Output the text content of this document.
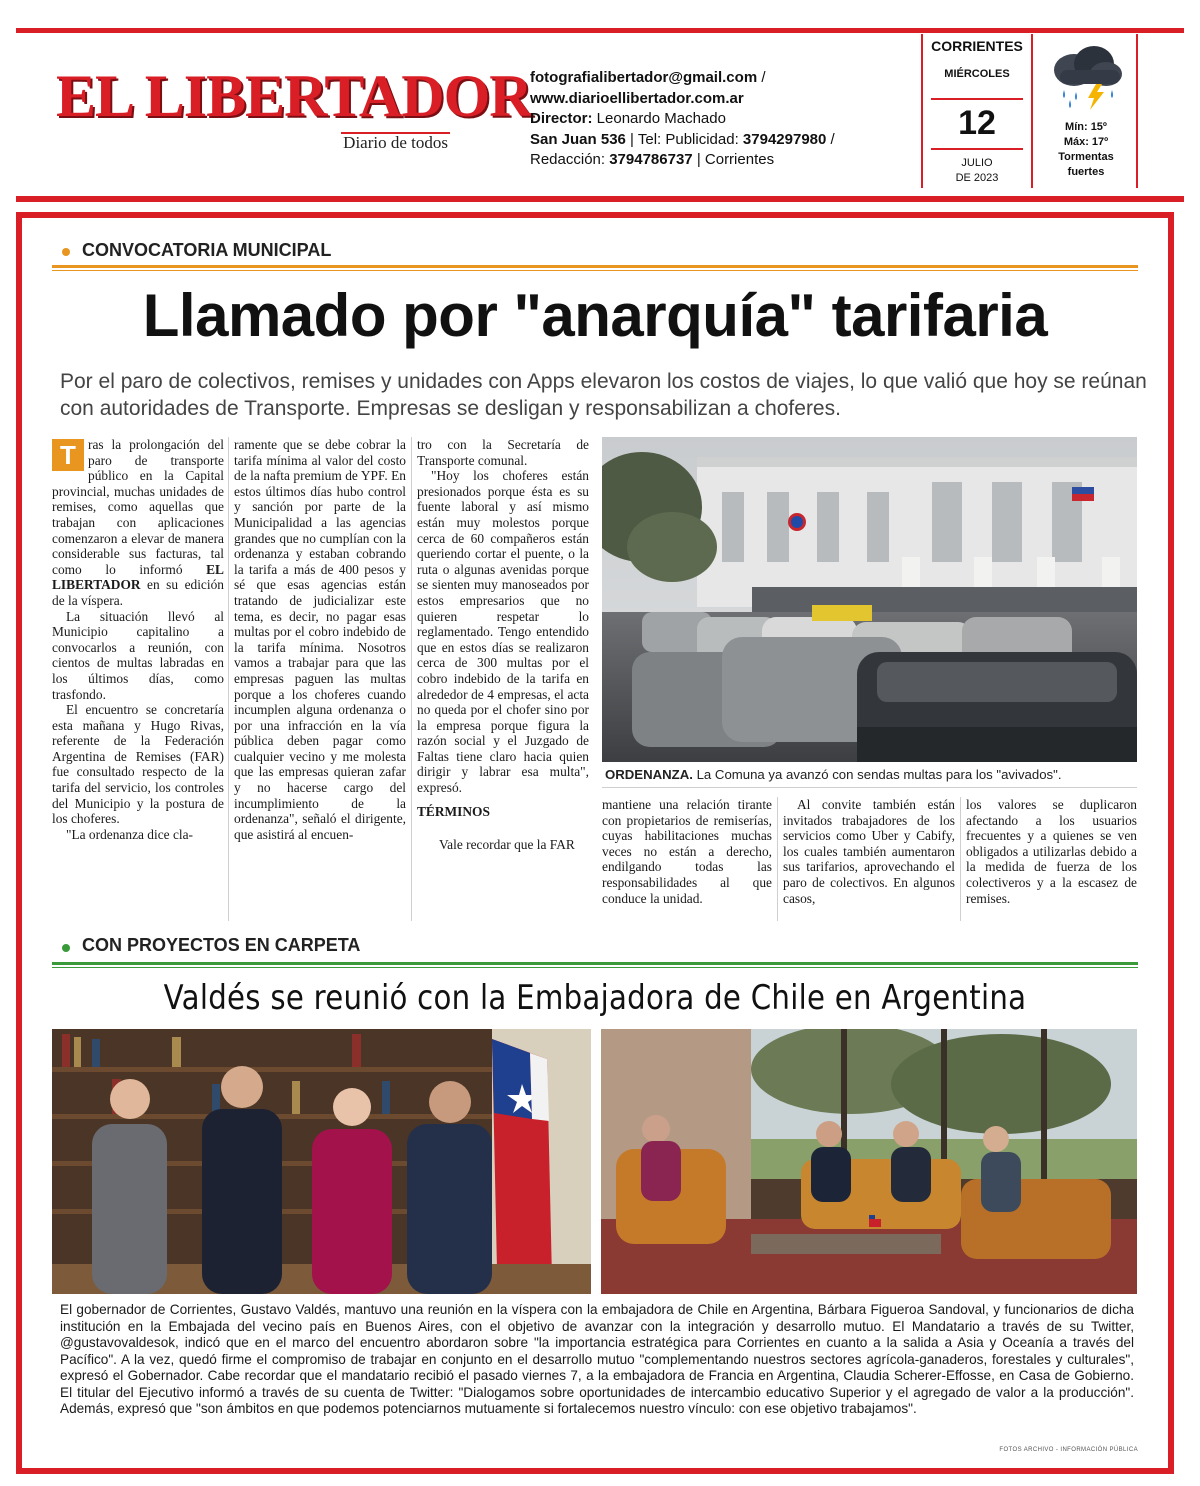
EL LIBERTADOR
Diario de todos
fotografialibertador@gmail.com /
www.diarioellibertador.com.ar
Director: Leonardo Machado
San Juan 536 | Tel: Publicidad: 3794297980 /
Redacción: 3794786737 | Corrientes
CORRIENTES
MIÉRCOLES
12
JULIO
DE 2023
Mín: 15º
Máx: 17º
Tormentas
fuertes
CONVOCATORIA MUNICIPAL
Llamado por "anarquía" tarifaria
Por el paro de colectivos, remises y unidades con Apps elevaron los costos de viajes, lo que valió que hoy se reúnan con autoridades de Transporte. Empresas se desligan y responsabilizan a choferes.
T ras la prolongación del paro de transporte público en la Capital provincial, muchas unidades de remises, como aquellas que trabajan con aplicaciones comenzaron a elevar de manera considerable sus facturas, tal como lo informó EL LIBERTADOR en su edición de la víspera.

La situación llevó al Municipio capitalino a convocarlos a reunión, con cientos de multas labradas en los últimos días, como trasfondo.

El encuentro se concretaría esta mañana y Hugo Rivas, referente de la Federación Argentina de Remises (FAR) fue consultado respecto de la tarifa del servicio, los controles del Municipio y la postura de los choferes.

"La ordenanza dice cla-

ramente que se debe cobrar la tarifa mínima al valor del costo de la nafta premium de YPF. En estos últimos días hubo control y sanción por parte de la Municipalidad a las agencias grandes que no cumplían con la ordenanza y estaban cobrando la tarifa a más de 400 pesos y sé que esas agencias están tratando de judicializar este tema, es decir, no pagar esas multas por el cobro indebido de la tarifa mínima. Nosotros vamos a trabajar para que las empresas paguen las multas porque a los choferes cuando incumplen alguna ordenanza o por una infracción en la vía pública deben pagar como cualquier vecino y me molesta que las empresas quieran zafar y no hacerse cargo del incumplimiento de la ordenanza", señaló el dirigente, que asistirá al encuen-

tro con la Secretaría de Transporte comunal.

"Hoy los choferes están presionados porque ésta es su fuente laboral y así mismo están muy molestos porque cerca de 60 compañeros están queriendo cortar el puente, o la ruta o algunas avenidas porque se sienten muy manoseados por estos empresarios que no quieren respetar lo reglamentado. Tengo entendido que en estos días se realizaron cerca de 300 multas por el cobro indebido de la tarifa en alrededor de 4 empresas, el acta no queda por el chofer sino por la empresa porque figura la razón social y el Juzgado de Faltas tiene claro hacia quien dirigir y labrar esa multa", expresó.

TÉRMINOS

Vale recordar que la FAR

ORDENANZA. La Comuna ya avanzó con sendas multas para los "avivados".

mantiene una relación tirante con propietarios de remiserías, cuyas habilitaciones muchas veces no están a derecho, endilgando todas las responsabilidades al que conduce la unidad.

Al convite también están invitados trabajadores de los servicios como Uber y Cabify, los cuales también aumentaron sus tarifarios, aprovechando el paro de colectivos. En algunos casos,

los valores se duplicaron afectando a los usuarios frecuentes y a quienes se ven obligados a utilizarlas debido a la medida de fuerza de los colectiveros y a la escasez de remises.

CON PROYECTOS EN CARPETA
Valdés se reunió con la Embajadora de Chile en Argentina
El gobernador de Corrientes, Gustavo Valdés, mantuvo una reunión en la víspera con la embajadora de Chile en Argentina, Bárbara Figueroa Sandoval, y funcionarios de dicha institución en la Embajada del vecino país en Buenos Aires, con el objetivo de avanzar con la integración y desarrollo mutuo. El Mandatario a través de su Twitter, @gustavovaldesok, indicó que en el marco del encuentro abordaron sobre "la importancia estratégica para Corrientes en cuanto a la salida a Asia y Oceanía a través del Pacífico". A la vez, quedó firme el compromiso de trabajar en conjunto en el desarrollo mutuo "complementando nuestros sectores agrícola-ganaderos, forestales y culturales", expresó el Gobernador. Cabe recordar que el mandatario recibió el pasado viernes 7, a la embajadora de Francia en Argentina, Claudia Scherer-Effosse, en Casa de Gobierno. El titular del Ejecutivo informó a través de su cuenta de Twitter: "Dialogamos sobre oportunidades de intercambio educativo Superior y el agregado de valor a la producción". Además, expresó que "son ámbitos en que podemos potenciarnos mutuamente si fortalecemos nuestro vínculo: con ese objetivo trabajamos".
FOTOS ARCHIVO - INFORMACIÓN PÚBLICA
